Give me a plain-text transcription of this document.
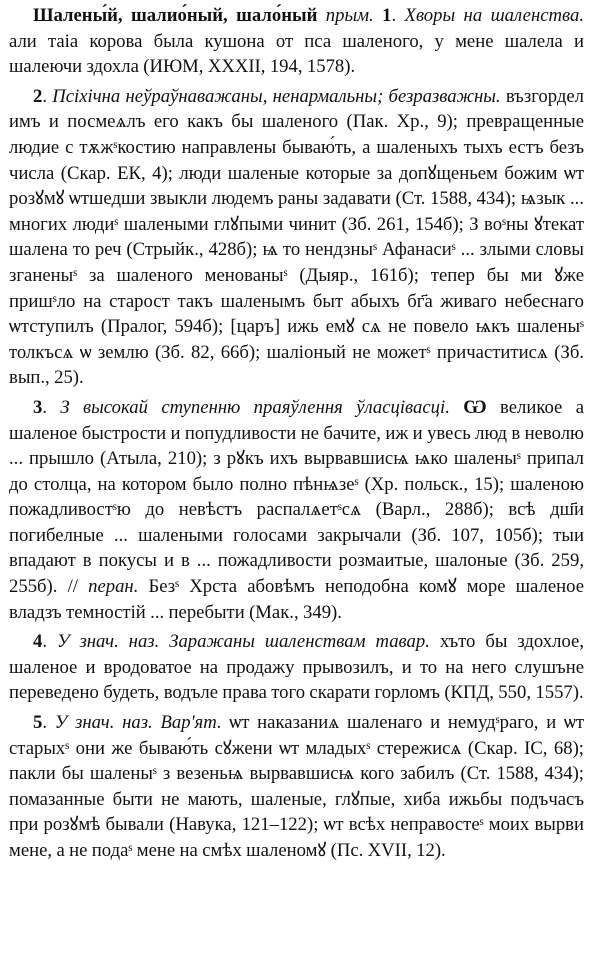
Шалены́й, шалио́ный, шало́ный прым. 1. Хворы на шаленства. али таіа корова была кушона от пса шаленого, у мене шалела и шалеючи здохла (ИЮМ, XXXII, 194, 1578).

2. Псіхічна неўраўнаважаны, ненармальны; безразважны. възгордел имъ и посмеѧлъ его какъ бы шаленого (Пак. Хр., 9); превращенные людие с тѫжˢкостию направлены бываю́ть, а шаленыхъ тыхъ естъ безъ числа (Скар. ЕК, 4); люди шаленые которые за допꙋщеньем божим ѡт розꙋмꙋ ѡтшедши звыкли людемъ раны задавати (Ст. 1588, 434); ѩзык ... многих людиˢ шалеными глꙋпыми чинит (Зб. 261, 154б); З воˢны ꙋтекат шалена то реч (Стрыйк., 428б); ѩ то нендзныˢ Афанасиˢ ... злыми словы зганеныˢ за шаленого менованыˢ (Дыяр., 161б); тепер бы ми ꙋже пришˢло на старост такъ шаленымъ быт абыхъ бг҃а живаго небеснаго ѡтступилъ (Пралог, 594б); [царъ] ижь емꙋ сѧ не повело ѩкъ шаленыˢ толкъсѧ ѡ землю (Зб. 82, 66б); шаліоный не можетˢ причаститисѧ (Зб. вып., 25).

3. З высокай ступенню праяўлення ўласцівасці. Ѡ великое а шаленое быстрости и попудливости не бачите, иж и увесь люд в неволю ... прышло (Атыла, 210); з рꙋкъ ихъ вырвавшисѩ ѩко шаленыˢ припал до столца, на котором было полно пѣнѩзеˢ (Хр. польск., 15); шаленою пожадливостˢю до невѣстъ распалѧетˢсѧ (Варл., 288б); всѣ дш҃и погибелные ... шалеными голосами закрычали (Зб. 107, 105б); тыи впадают в покусы и в ... пожадливости розмаитые, шалоные (Зб. 259, 255б). // перан. Безˢ Хрста абовѣмъ неподобна комꙋ море шаленое владзъ темностій ... перебыти (Мак., 349).

4. У знач. наз. Заражаны шаленствам тавар. хъто бы здохлое, шаленое и вродоватое на продажу прывозилъ, и то на него слушъне переведено будеть, водъле права того скарати горломъ (КПД, 550, 1557).

5. У знач. наз. Вар'ят. ѡт наказаниѧ шаленаго и немудˢраго, и ѡт старыхˢ они же бываю́ть сꙋжени ѡт младыхˢ стережисѧ (Скар. IС, 68); пакли бы шаленыˢ з везеньѩ вырвавшисѩ кого забилъ (Ст. 1588, 434); помазанные быти не мають, шаленые, глꙋпые, хиба ижьбы подъчасъ при розꙋмѣ бывали (Навука, 121–122); ѡт всѣх неправостеˢ моих вырви мене, а не подаˢ мене на смѣх шаленомꙋ (Пс. XVII, 12).
